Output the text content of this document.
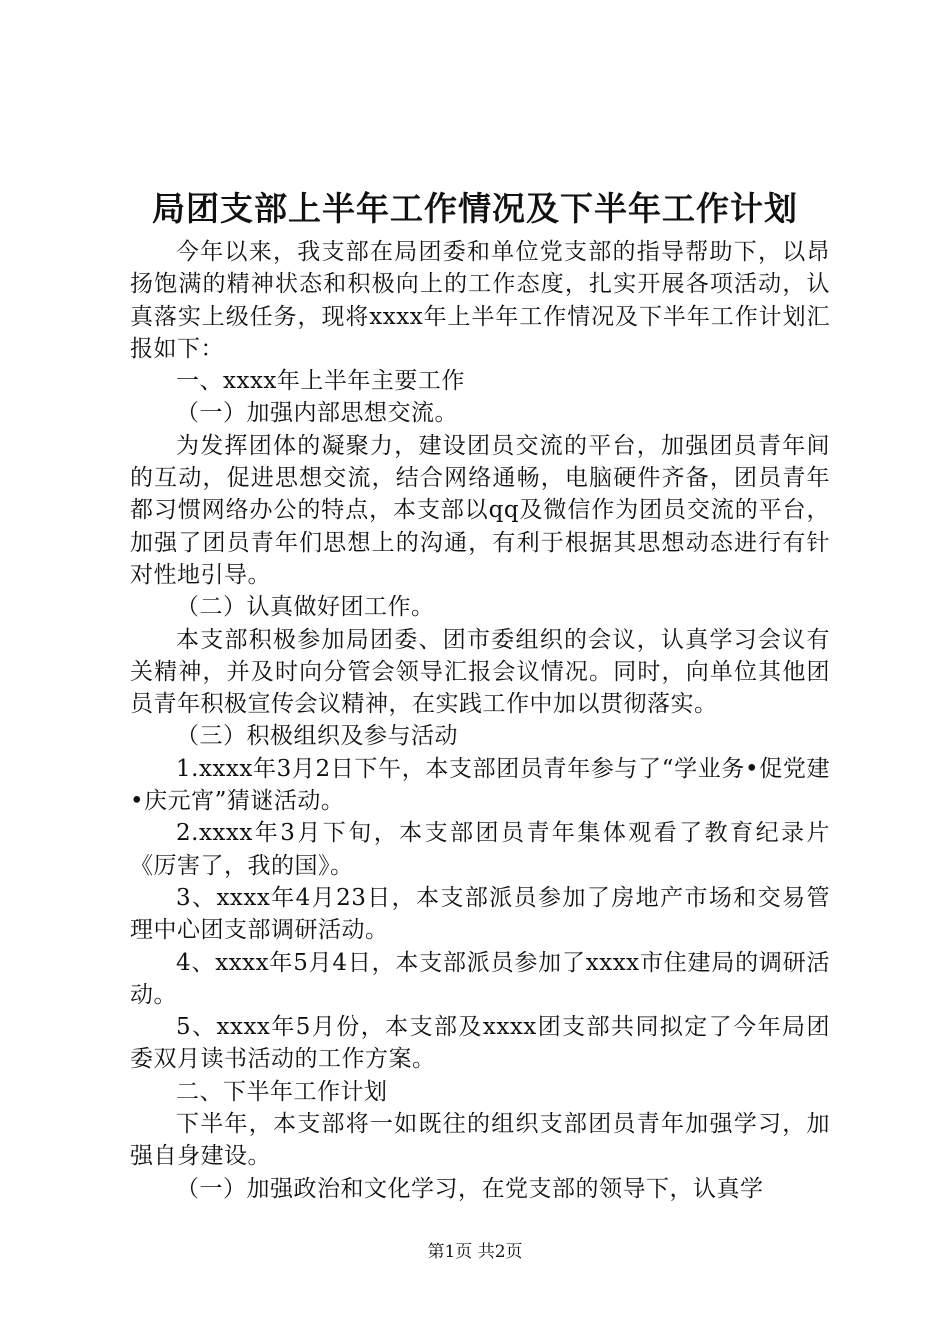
局团支部上半年工作情况及下半年工作计划

今年以来，我支部在局团委和单位党支部的指导帮助下，以昂扬饱满的精神状态和积极向上的工作态度，扎实开展各项活动，认真落实上级任务，现将xxxx年上半年工作情况及下半年工作计划汇报如下：

一、xxxx年上半年主要工作

（一）加强内部思想交流。

为发挥团体的凝聚力，建设团员交流的平台，加强团员青年间的互动，促进思想交流，结合网络通畅，电脑硬件齐备，团员青年都习惯网络办公的特点，本支部以qq及微信作为团员交流的平台，加强了团员青年们思想上的沟通，有利于根据其思想动态进行有针对性地引导。

（二）认真做好团工作。

本支部积极参加局团委、团市委组织的会议，认真学习会议有关精神，并及时向分管会领导汇报会议情况。同时，向单位其他团员青年积极宣传会议精神，在实践工作中加以贯彻落实。

（三）积极组织及参与活动

1.xxxx年3月2日下午，本支部团员青年参与了“学业务•促党建•庆元宵”猜谜活动。

2.xxxx年3月下旬，本支部团员青年集体观看了教育纪录片《厉害了，我的国》。

3、xxxx年4月23日，本支部派员参加了房地产市场和交易管理中心团支部调研活动。

4、xxxx年5月4日，本支部派员参加了xxxx市住建局的调研活动。

5、xxxx年5月份，本支部及xxxx团支部共同拟定了今年局团委双月读书活动的工作方案。

二、下半年工作计划

下半年，本支部将一如既往的组织支部团员青年加强学习，加强自身建设。

（一）加强政治和文化学习，在党支部的领导下，认真学

第1页 共2页
